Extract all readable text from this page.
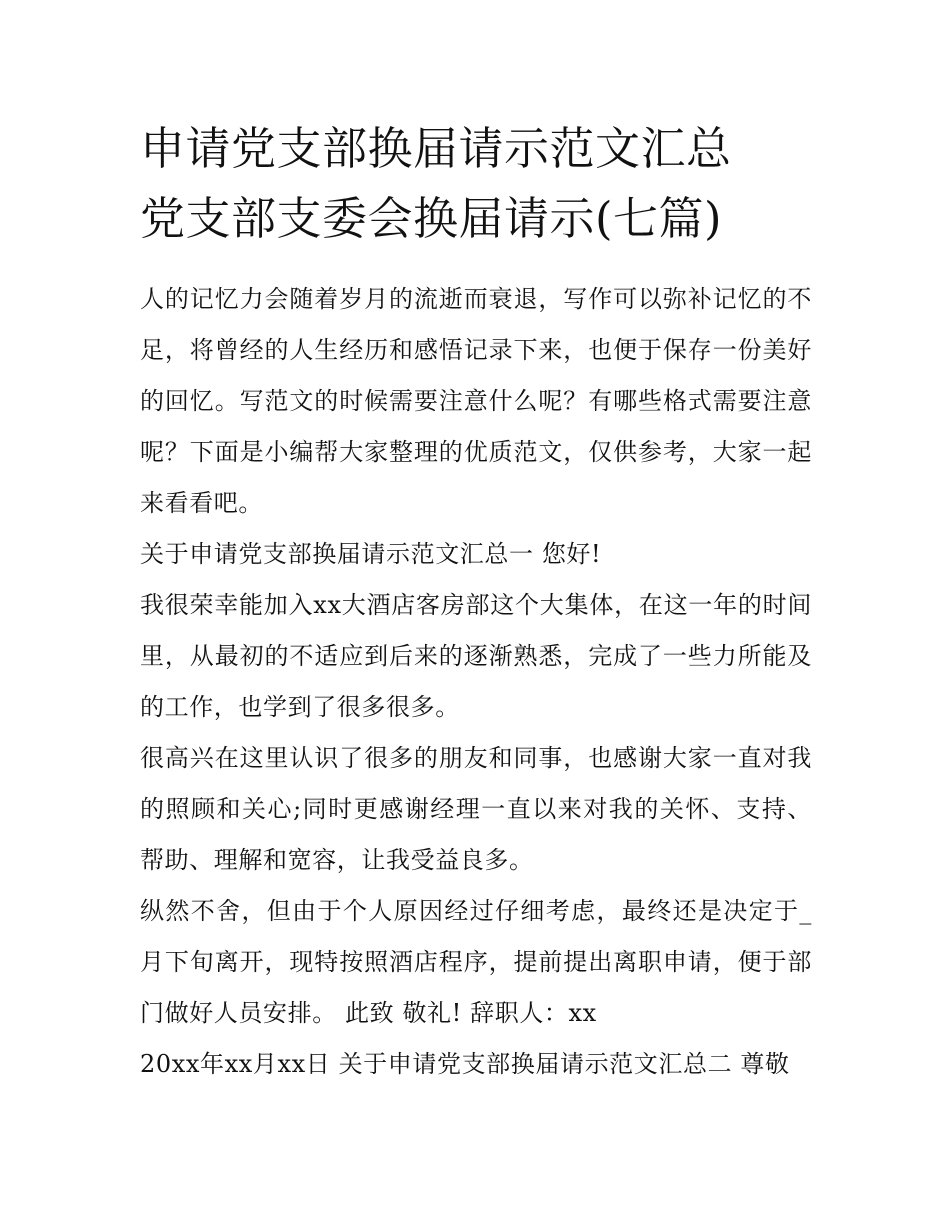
申请党支部换届请示范文汇总
党支部支委会换届请示(七篇)

人的记忆力会随着岁月的流逝而衰退，写作可以弥补记忆的不足，将曾经的人生经历和感悟记录下来，也便于保存一份美好的回忆。写范文的时候需要注意什么呢？有哪些格式需要注意呢？下面是小编帮大家整理的优质范文，仅供参考，大家一起来看看吧。

关于申请党支部换届请示范文汇总一 您好!

我很荣幸能加入xx大酒店客房部这个大集体，在这一年的时间里，从最初的不适应到后来的逐渐熟悉，完成了一些力所能及的工作，也学到了很多很多。

很高兴在这里认识了很多的朋友和同事，也感谢大家一直对我的照顾和关心;同时更感谢经理一直以来对我的关怀、支持、帮助、理解和宽容，让我受益良多。

纵然不舍，但由于个人原因经过仔细考虑，最终还是决定于_月下旬离开，现特按照酒店程序，提前提出离职申请，便于部门做好人员安排。 此致 敬礼! 辞职人：xx

20xx年xx月xx日 关于申请党支部换届请示范文汇总二 尊敬
